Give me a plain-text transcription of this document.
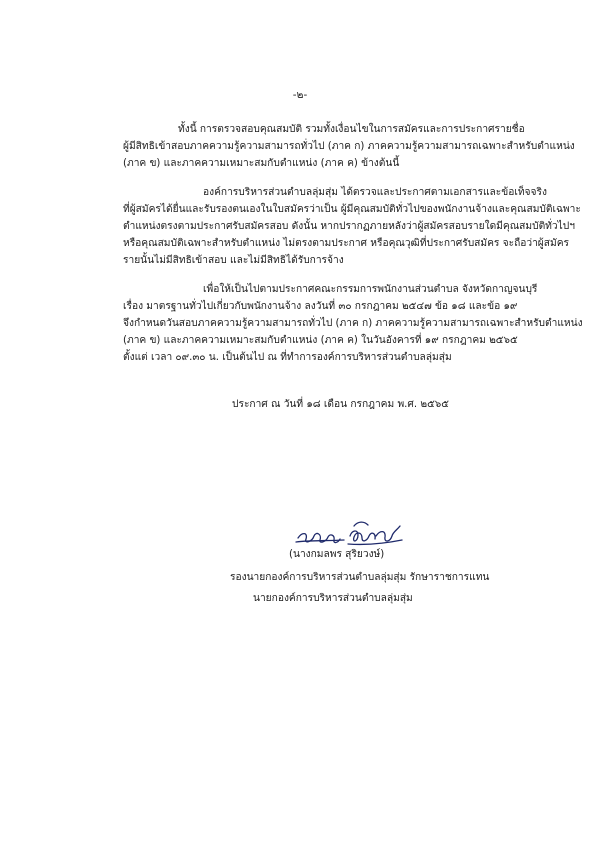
-๒-
ทั้งนี้ การตรวจสอบคุณสมบัติ รวมทั้งเงื่อนไขในการสมัครและการประกาศรายชื่อ
ผู้มีสิทธิเข้าสอบภาคความรู้ความสามารถทั่วไป (ภาค ก) ภาคความรู้ความสามารถเฉพาะสำหรับตำแหน่ง
(ภาค ข) และภาคความเหมาะสมกับตำแหน่ง (ภาค ค) ข้างต้นนี้
องค์การบริหารส่วนตำบลลุ่มสุ่ม ได้ตรวจและประกาศตามเอกสารและข้อเท็จจริง
ที่ผู้สมัครได้ยื่นและรับรองตนเองในใบสมัครว่าเป็น ผู้มีคุณสมบัติทั่วไปของพนักงานจ้างและคุณสมบัติเฉพาะ
ตำแหน่งตรงตามประกาศรับสมัครสอบ ดังนั้น หากปรากฏภายหลังว่าผู้สมัครสอบรายใดมีคุณสมบัติทั่วไปฯ
หรือคุณสมบัติเฉพาะสำหรับตำแหน่ง ไม่ตรงตามประกาศ หรือคุณวุฒิที่ประกาศรับสมัคร จะถือว่าผู้สมัคร
รายนั้นไม่มีสิทธิเข้าสอบ และไม่มีสิทธิได้รับการจ้าง
เพื่อให้เป็นไปตามประกาศคณะกรรมการพนักงานส่วนตำบล จังหวัดกาญจนบุรี
เรื่อง มาตรฐานทั่วไปเกี่ยวกับพนักงานจ้าง ลงวันที่ ๓๐ กรกฎาคม ๒๕๔๗ ข้อ ๑๘ และข้อ ๑๙
จึงกำหนดวันสอบภาคความรู้ความสามารถทั่วไป (ภาค ก) ภาคความรู้ความสามารถเฉพาะสำหรับตำแหน่ง
(ภาค ข) และภาคความเหมาะสมกับตำแหน่ง (ภาค ค) ในวันอังคารที่ ๑๙ กรกฎาคม ๒๕๖๕
ตั้งแต่ เวลา ๐๙.๓๐ น. เป็นต้นไป ณ ที่ทำการองค์การบริหารส่วนตำบลลุ่มสุ่ม
ประกาศ ณ วันที่ ๑๘ เดือน กรกฎาคม พ.ศ. ๒๕๖๕
(นางกมลพร สุริยวงษ์)
รองนายกองค์การบริหารส่วนตำบลลุ่มสุ่ม รักษาราชการแทน
นายกองค์การบริหารส่วนตำบลลุ่มสุ่ม
